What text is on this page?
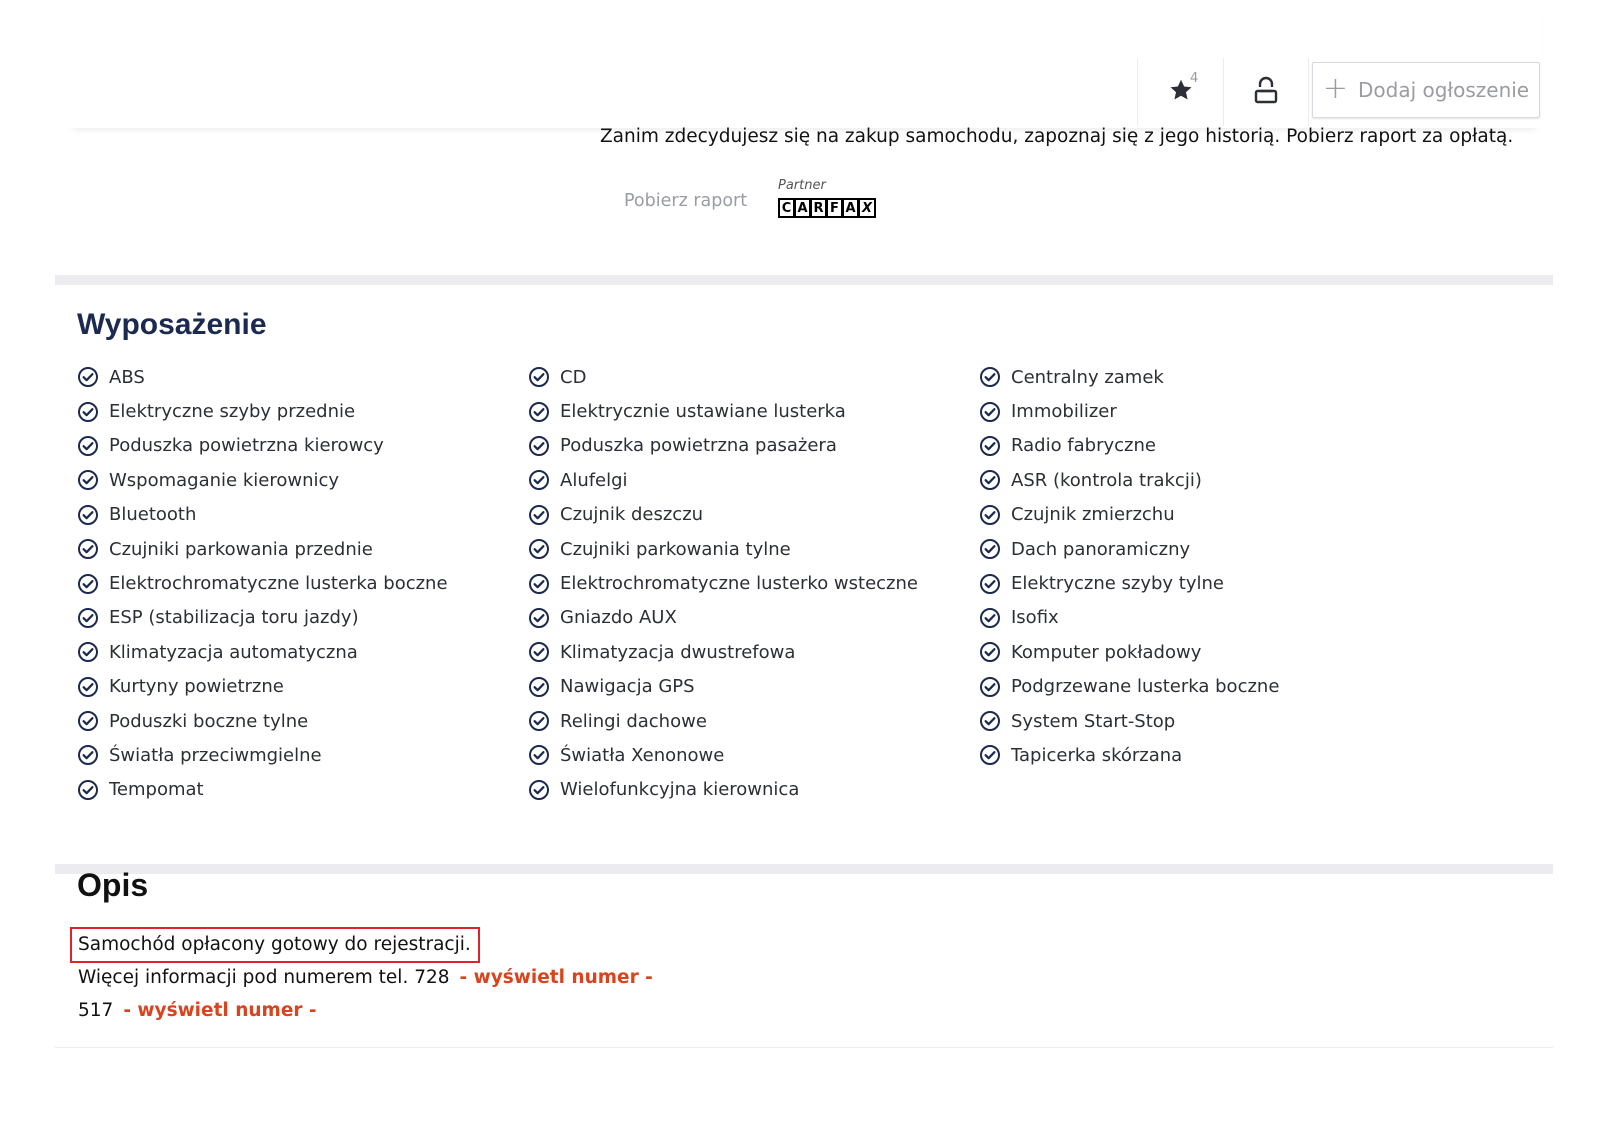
4	+ Dodaj ogłoszenie
Zanim zdecydujesz się na zakup samochodu, zapoznaj się z jego historią. Pobierz raport za opłatą.
Pobierz raport
Partner
C A R F A X
Wyposażenie
ABS
Elektryczne szyby przednie
Poduszka powietrzna kierowcy
Wspomaganie kierownicy
Bluetooth
Czujniki parkowania przednie
Elektrochromatyczne lusterka boczne
ESP (stabilizacja toru jazdy)
Klimatyzacja automatyczna
Kurtyny powietrzne
Poduszki boczne tylne
Światła przeciwmgielne
Tempomat
CD
Elektrycznie ustawiane lusterka
Poduszka powietrzna pasażera
Alufelgi
Czujnik deszczu
Czujniki parkowania tylne
Elektrochromatyczne lusterko wsteczne
Gniazdo AUX
Klimatyzacja dwustrefowa
Nawigacja GPS
Relingi dachowe
Światła Xenonowe
Wielofunkcyjna kierownica
Centralny zamek
Immobilizer
Radio fabryczne
ASR (kontrola trakcji)
Czujnik zmierzchu
Dach panoramiczny
Elektryczne szyby tylne
Isofix
Komputer pokładowy
Podgrzewane lusterka boczne
System Start-Stop
Tapicerka skórzana
Opis
Samochód opłacony gotowy do rejestracji.
Więcej informacji pod numerem tel. 728 - wyświetl numer -
517 - wyświetl numer -
